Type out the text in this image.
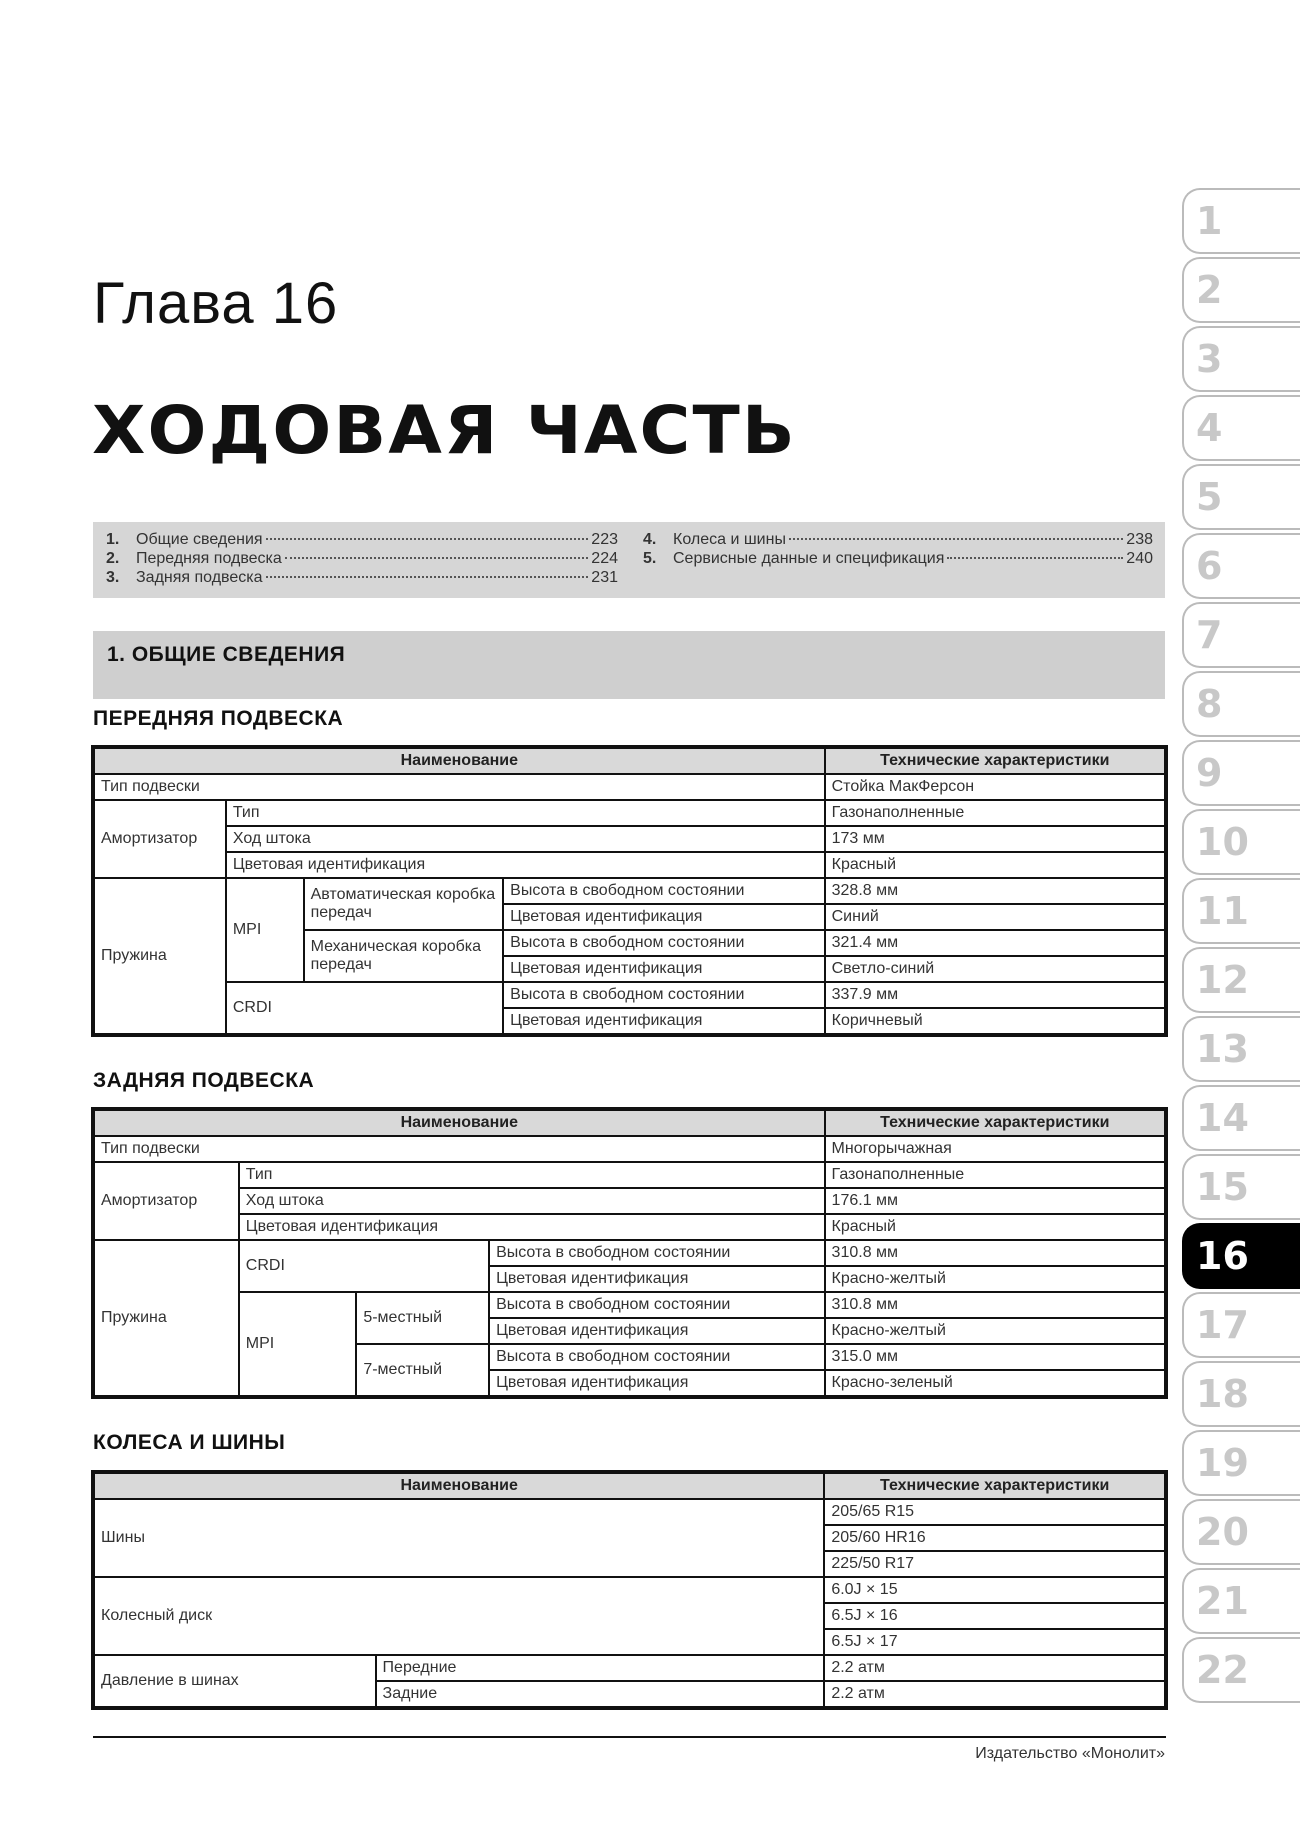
Глава 16
ХОДОВАЯ ЧАСТЬ
1.	Общие сведения	223
2.	Передняя подвеска	224
3.	Задняя подвеска	231
4.	Колеса и шины	238
5.	Сервисные данные и спецификация	240
1. ОБЩИЕ СВЕДЕНИЯ
ПЕРЕДНЯЯ ПОДВЕСКА
Наименование				Технические характеристики
Тип подвески				Стойка МакФерсон
Амортизатор	Тип			Газонаполненные
	Ход штока			173 мм
	Цветовая идентификация			Красный
Пружина	MPI	Автоматическая коробка передач	Высота в свободном состоянии	328.8 мм
			Цветовая идентификация	Синий
		Механическая коробка передач	Высота в свободном состоянии	321.4 мм
			Цветовая идентификация	Светло-синий
	CRDI		Высота в свободном состоянии	337.9 мм
			Цветовая идентификация	Коричневый
ЗАДНЯЯ ПОДВЕСКА
Наименование				Технические характеристики
Тип подвески				Многорычажная
Амортизатор	Тип			Газонаполненные
	Ход штока			176.1 мм
	Цветовая идентификация			Красный
Пружина	CRDI		Высота в свободном состоянии	310.8 мм
			Цветовая идентификация	Красно-желтый
	MPI	5-местный	Высота в свободном состоянии	310.8 мм
			Цветовая идентификация	Красно-желтый
		7-местный	Высота в свободном состоянии	315.0 мм
			Цветовая идентификация	Красно-зеленый
КОЛЕСА И ШИНЫ
Наименование		Технические характеристики
Шины		205/65 R15
		205/60 HR16
		225/50 R17
Колесный диск		6.0J × 15
		6.5J × 16
		6.5J × 17
Давление в шинах	Передние	2.2 атм
	Задние	2.2 атм
Издательство «Монолит»
1
2
3
4
5
6
7
8
9
10
11
12
13
14
15
16
17
18
19
20
21
22
